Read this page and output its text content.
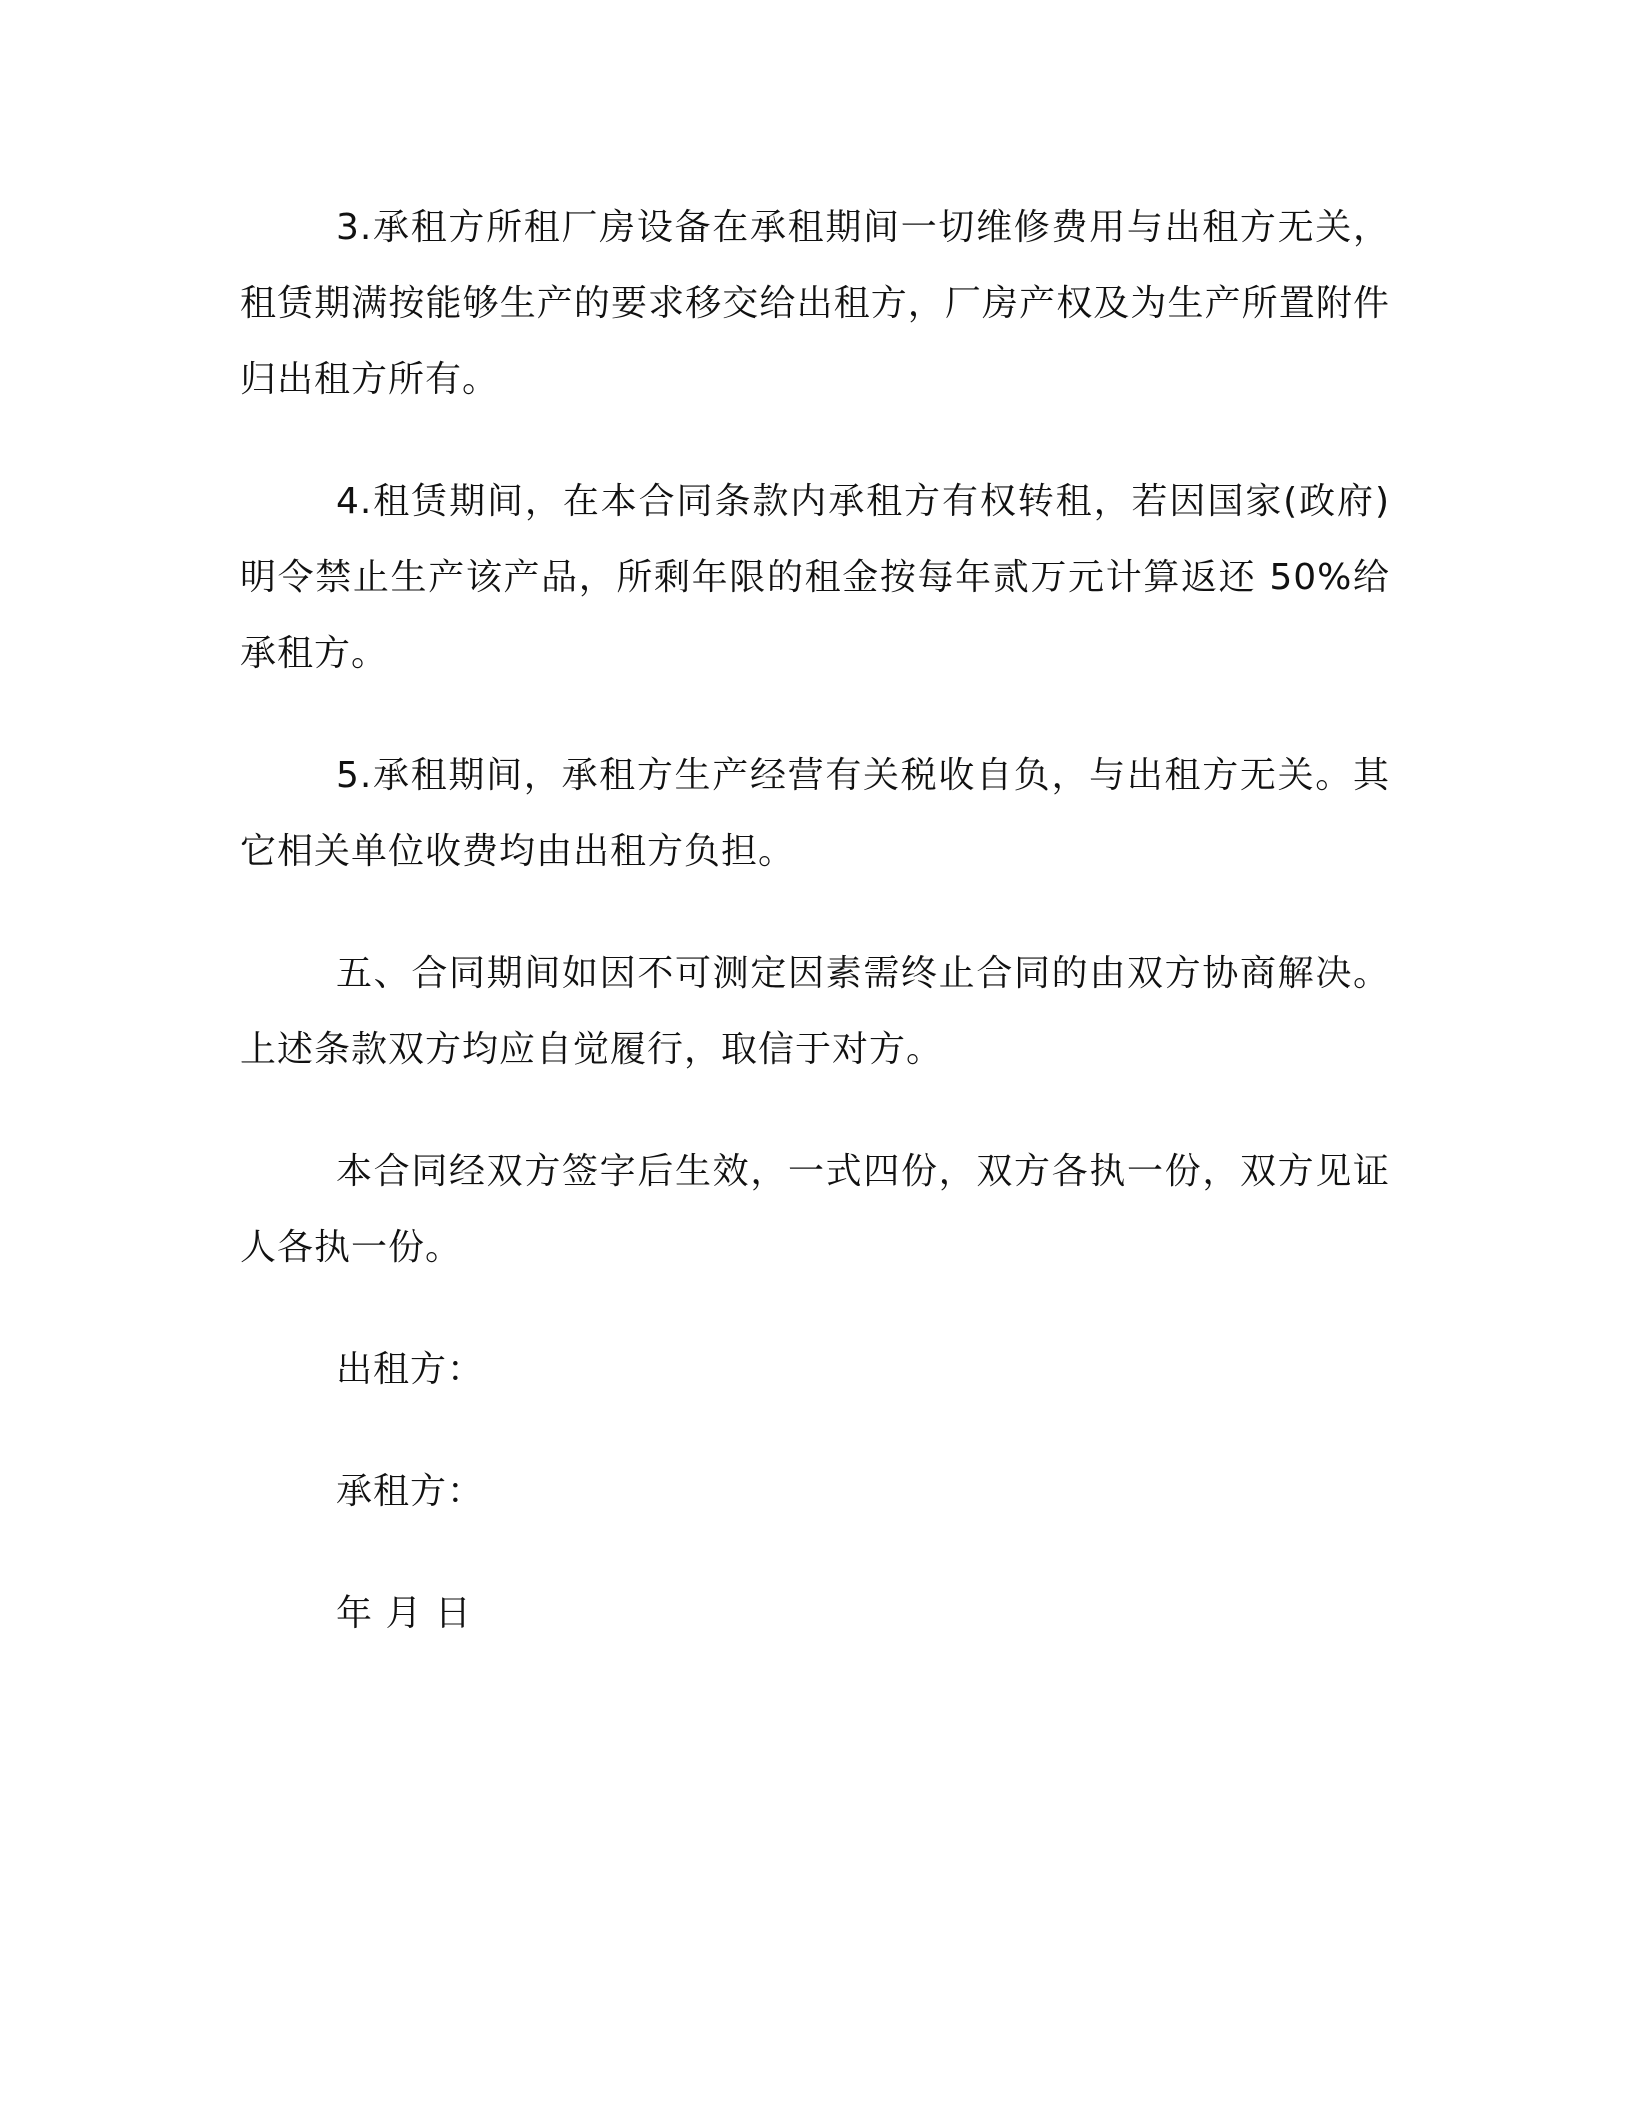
3.承租方所租厂房设备在承租期间一切维修费用与出租方无关，租赁期满按能够生产的要求移交给出租方，厂房产权及为生产所置附件归出租方所有。

4.租赁期间，在本合同条款内承租方有权转租，若因国家(政府)明令禁止生产该产品，所剩年限的租金按每年贰万元计算返还 50%给承租方。

5.承租期间，承租方生产经营有关税收自负，与出租方无关。其它相关单位收费均由出租方负担。

五、合同期间如因不可测定因素需终止合同的由双方协商解决。上述条款双方均应自觉履行，取信于对方。

本合同经双方签字后生效，一式四份，双方各执一份，双方见证人各执一份。

出租方：

承租方：

年 月 日
